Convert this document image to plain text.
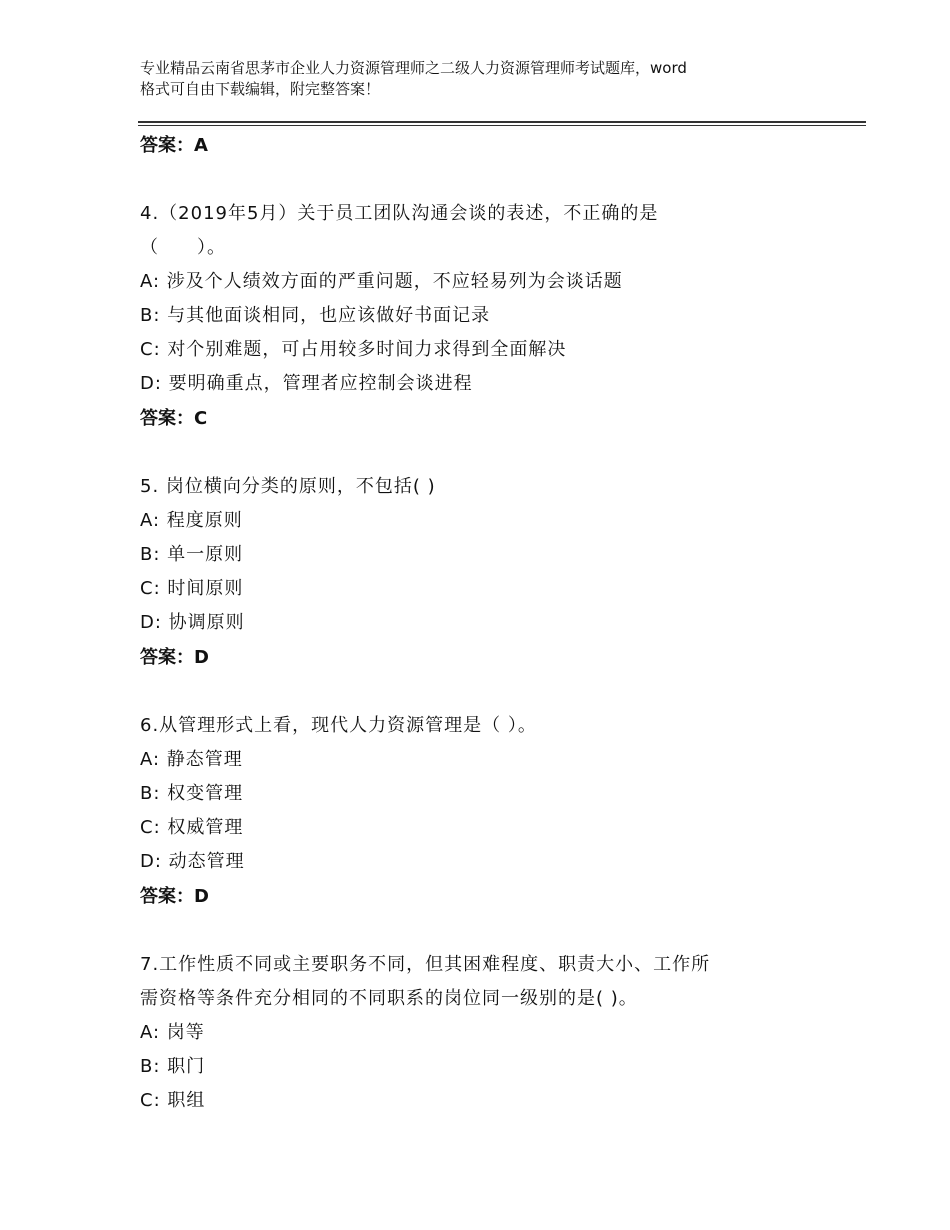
专业精品云南省思茅市企业人力资源管理师之二级人力资源管理师考试题库，word
格式可自由下载编辑，附完整答案！
答案：A
4.（2019年5月）关于员工团队沟通会谈的表述，不正确的是
（　　）。
A: 涉及个人绩效方面的严重问题，不应轻易列为会谈话题
B: 与其他面谈相同，也应该做好书面记录
C: 对个别难题，可占用较多时间力求得到全面解决
D: 要明确重点，管理者应控制会谈进程
答案：C
5. 岗位横向分类的原则，不包括( )
A: 程度原则
B: 单一原则
C: 时间原则
D: 协调原则
答案：D
6.从管理形式上看，现代人力资源管理是（ ）。
A: 静态管理
B: 权变管理
C: 权威管理
D: 动态管理
答案：D
7.工作性质不同或主要职务不同，但其困难程度、职责大小、工作所
需资格等条件充分相同的不同职系的岗位同一级别的是( )。
A: 岗等
B: 职门
C: 职组
